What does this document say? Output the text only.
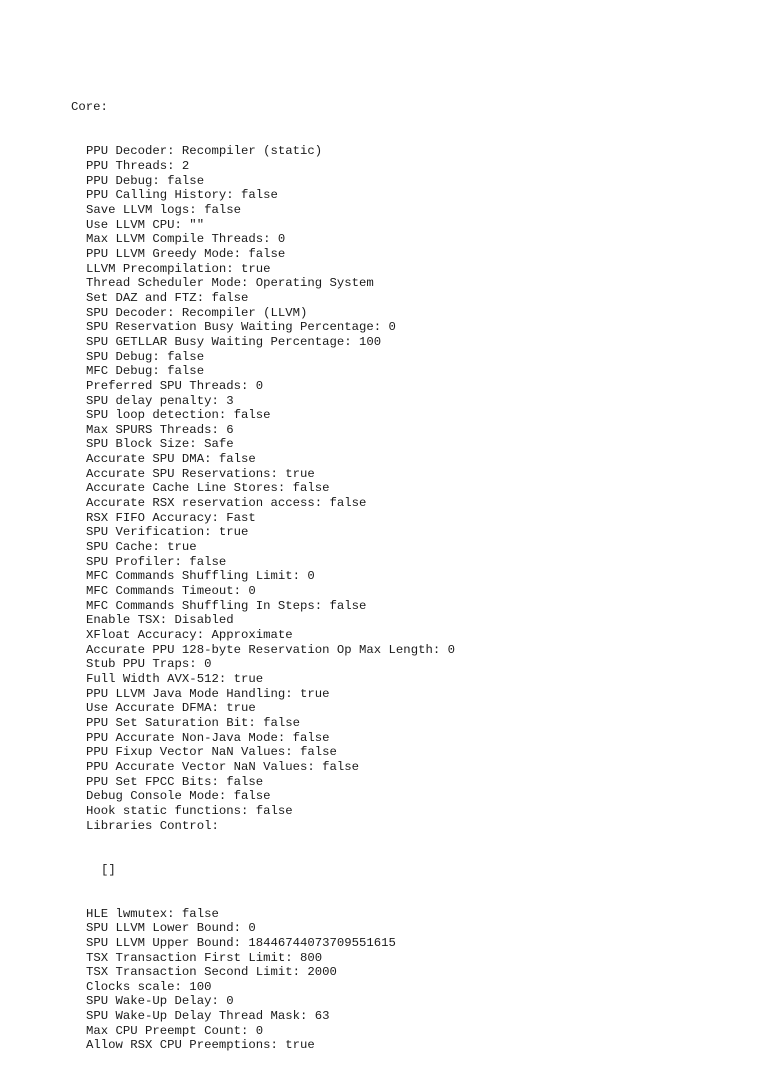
Core:

PPU Decoder: Recompiler (static)
PPU Threads: 2
PPU Debug: false
PPU Calling History: false
Save LLVM logs: false
Use LLVM CPU: ""
Max LLVM Compile Threads: 0
PPU LLVM Greedy Mode: false
LLVM Precompilation: true
Thread Scheduler Mode: Operating System
Set DAZ and FTZ: false
SPU Decoder: Recompiler (LLVM)
SPU Reservation Busy Waiting Percentage: 0
SPU GETLLAR Busy Waiting Percentage: 100
SPU Debug: false
MFC Debug: false
Preferred SPU Threads: 0
SPU delay penalty: 3
SPU loop detection: false
Max SPURS Threads: 6
SPU Block Size: Safe
Accurate SPU DMA: false
Accurate SPU Reservations: true
Accurate Cache Line Stores: false
Accurate RSX reservation access: false
RSX FIFO Accuracy: Fast
SPU Verification: true
SPU Cache: true
SPU Profiler: false
MFC Commands Shuffling Limit: 0
MFC Commands Timeout: 0
MFC Commands Shuffling In Steps: false
Enable TSX: Disabled
XFloat Accuracy: Approximate
Accurate PPU 128-byte Reservation Op Max Length: 0
Stub PPU Traps: 0
Full Width AVX-512: true
PPU LLVM Java Mode Handling: true
Use Accurate DFMA: true
PPU Set Saturation Bit: false
PPU Accurate Non-Java Mode: false
PPU Fixup Vector NaN Values: false
PPU Accurate Vector NaN Values: false
PPU Set FPCC Bits: false
Debug Console Mode: false
Hook static functions: false
Libraries Control:

[]

HLE lwmutex: false
SPU LLVM Lower Bound: 0
SPU LLVM Upper Bound: 18446744073709551615
TSX Transaction First Limit: 800
TSX Transaction Second Limit: 2000
Clocks scale: 100
SPU Wake-Up Delay: 0
SPU Wake-Up Delay Thread Mask: 63
Max CPU Preempt Count: 0
Allow RSX CPU Preemptions: true
